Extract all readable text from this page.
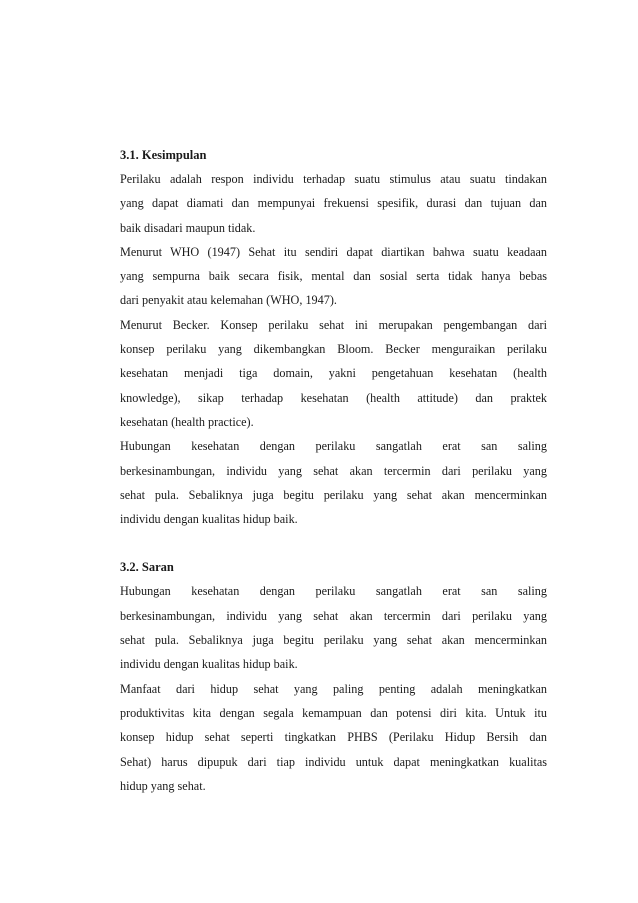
3.1. Kesimpulan

Perilaku adalah respon individu terhadap suatu stimulus atau suatu tindakan
yang dapat diamati dan mempunyai frekuensi spesifik, durasi dan tujuan dan
baik disadari maupun tidak.

Menurut WHO (1947) Sehat itu sendiri dapat diartikan bahwa suatu keadaan
yang sempurna baik secara fisik, mental dan sosial serta tidak hanya bebas
dari penyakit atau kelemahan (WHO, 1947).

Menurut Becker. Konsep perilaku sehat ini merupakan pengembangan dari
konsep perilaku yang dikembangkan Bloom. Becker menguraikan perilaku
kesehatan menjadi tiga domain, yakni pengetahuan kesehatan (health
knowledge), sikap terhadap kesehatan (health attitude) dan praktek
kesehatan (health practice).

Hubungan kesehatan dengan perilaku sangatlah erat san saling
berkesinambungan, individu yang sehat akan tercermin dari perilaku yang
sehat pula. Sebaliknya juga begitu perilaku yang sehat akan mencerminkan
individu dengan kualitas hidup baik.

3.2. Saran

Hubungan kesehatan dengan perilaku sangatlah erat san saling
berkesinambungan, individu yang sehat akan tercermin dari perilaku yang
sehat pula. Sebaliknya juga begitu perilaku yang sehat akan mencerminkan
individu dengan kualitas hidup baik.

Manfaat dari hidup sehat yang paling penting adalah meningkatkan
produktivitas kita dengan segala kemampuan dan potensi diri kita. Untuk itu
konsep hidup sehat seperti tingkatkan PHBS (Perilaku Hidup Bersih dan
Sehat) harus dipupuk dari tiap individu untuk dapat meningkatkan kualitas
hidup yang sehat.
